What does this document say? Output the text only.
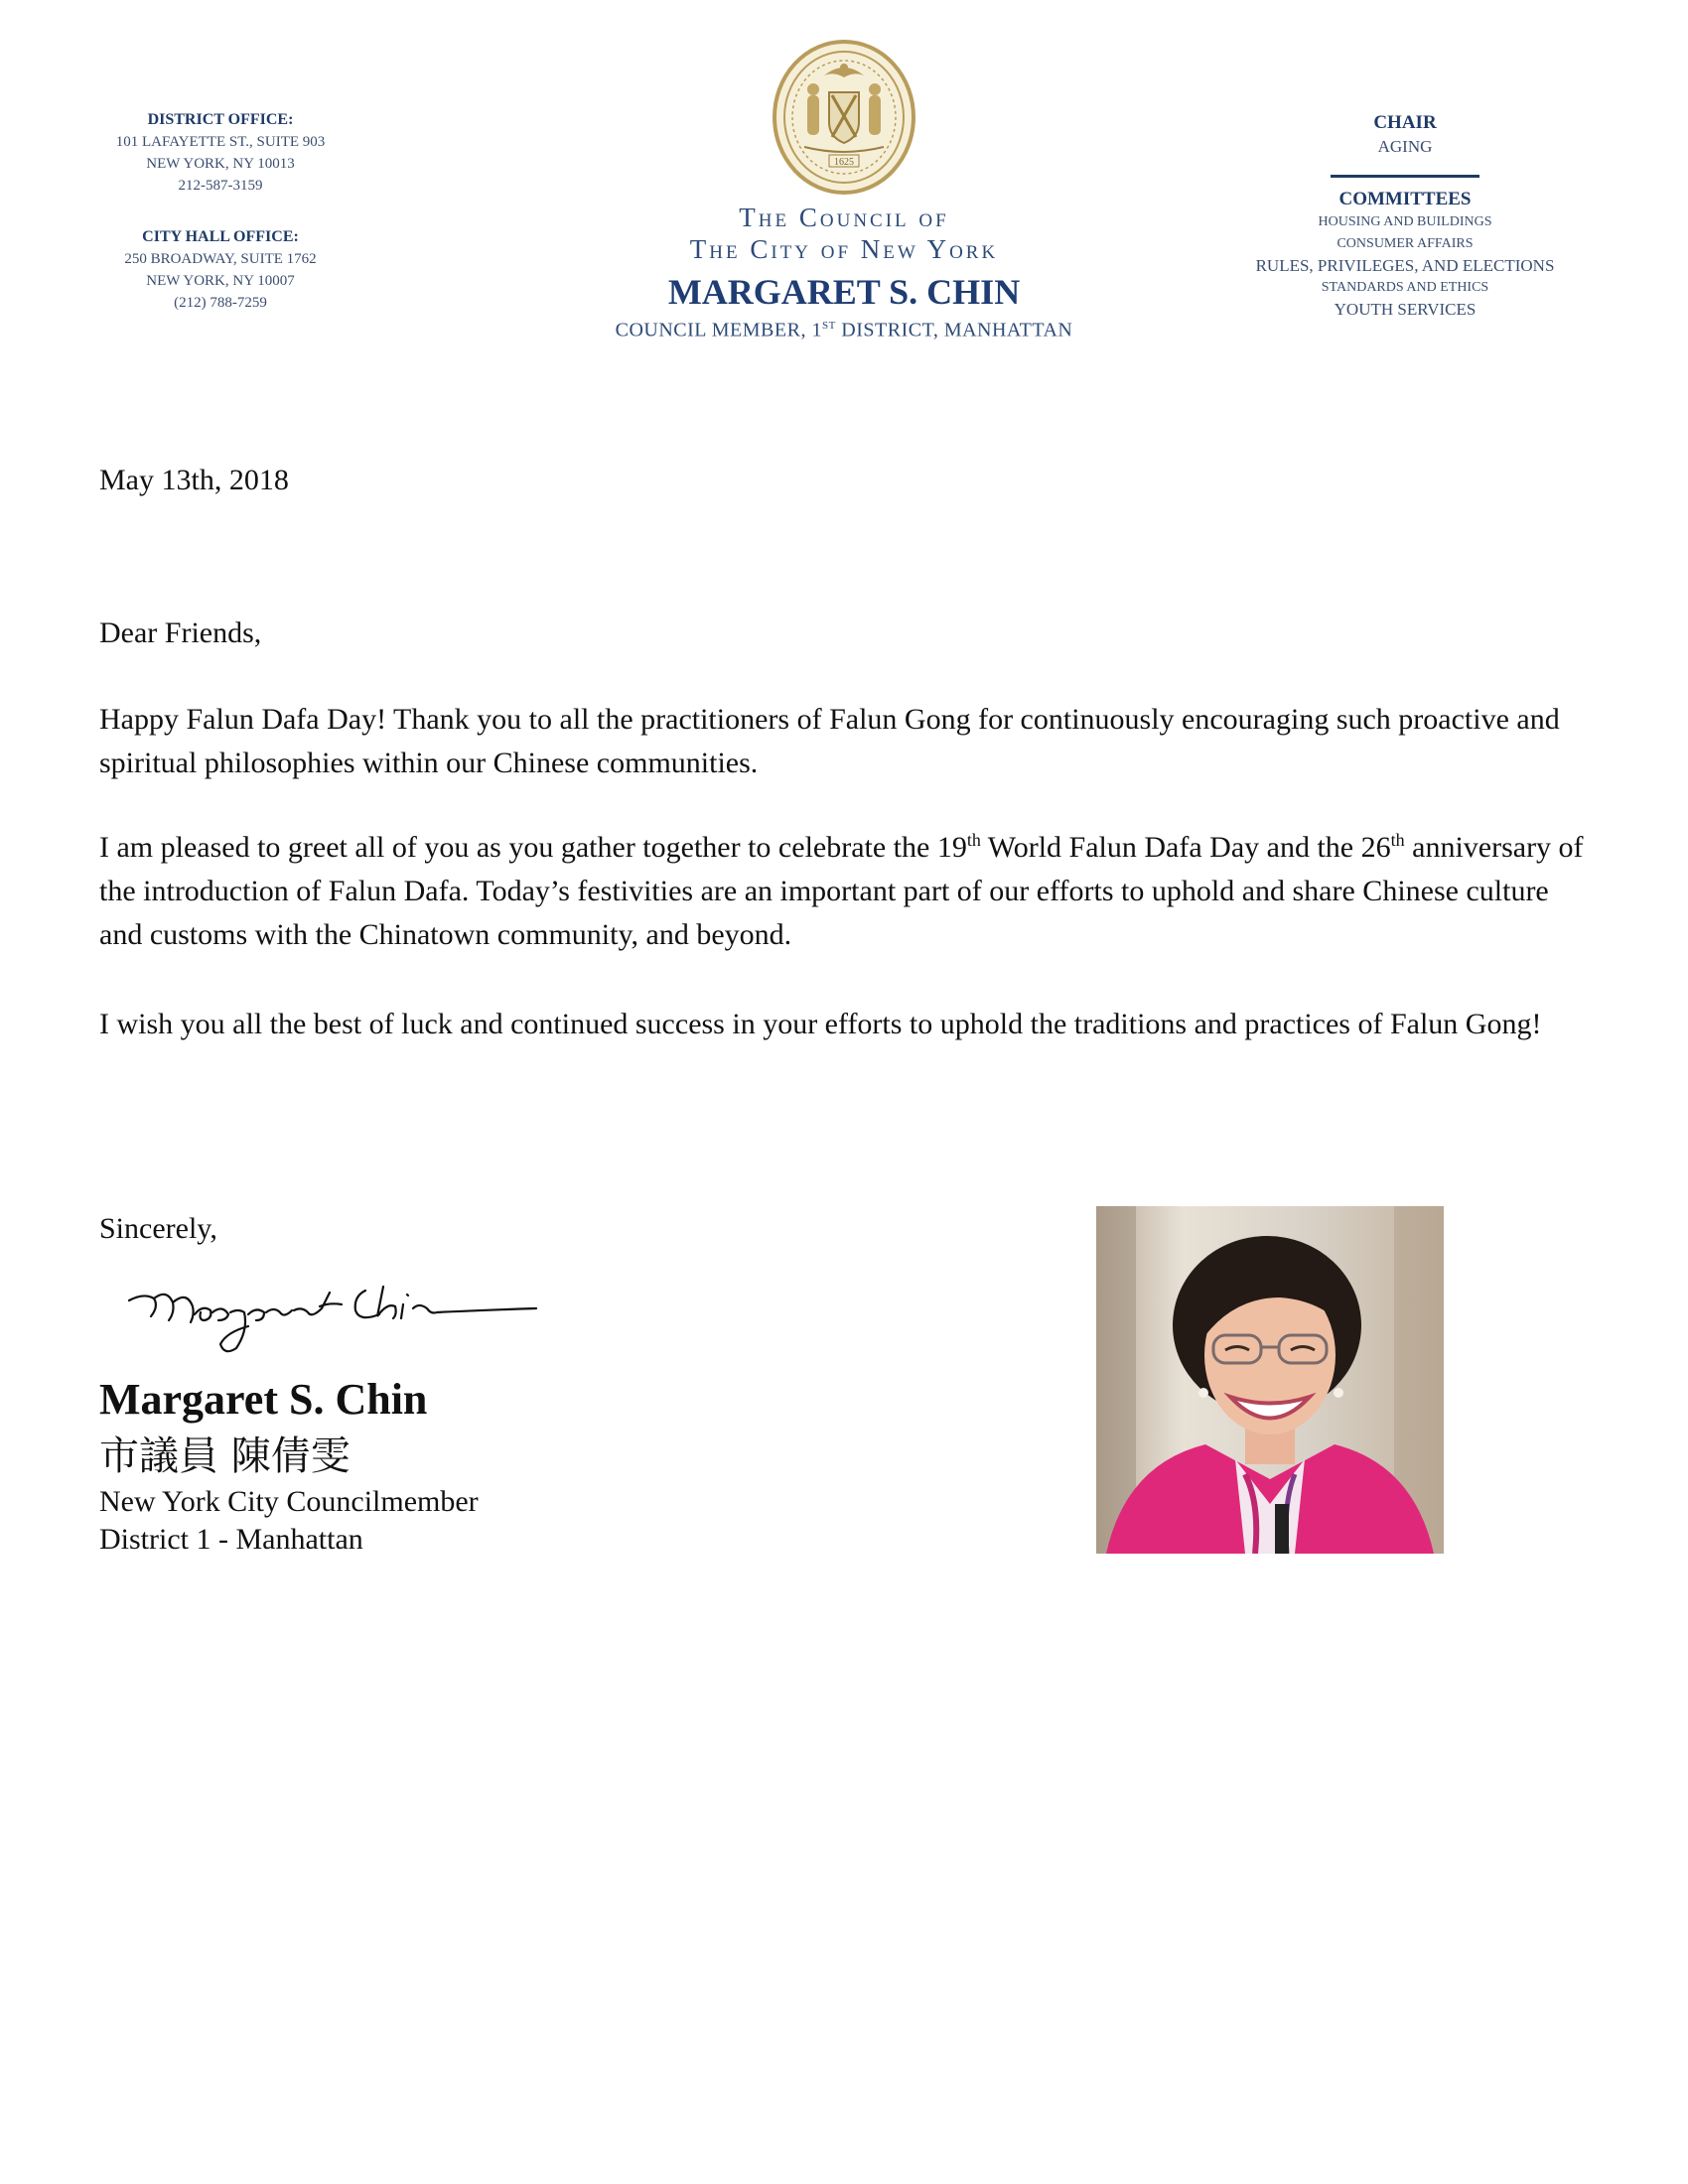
DISTRICT OFFICE:
101 LAFAYETTE ST., SUITE 903
NEW YORK, NY 10013
212-587-3159
CITY HALL OFFICE:
250 BROADWAY, SUITE 1762
NEW YORK, NY 10007
(212) 788-7259
1625
The Council of
The City of New York
MARGARET S. CHIN
COUNCIL MEMBER, 1ST DISTRICT, MANHATTAN
CHAIR
AGING
COMMITTEES
HOUSING AND BUILDINGS
CONSUMER AFFAIRS
RULES, PRIVILEGES, AND ELECTIONS
STANDARDS AND ETHICS
YOUTH SERVICES
May 13th, 2018
Dear Friends,
Happy Falun Dafa Day! Thank you to all the practitioners of Falun Gong for continuously encouraging such proactive and spiritual philosophies within our Chinese communities.
I am pleased to greet all of you as you gather together to celebrate the 19th World Falun Dafa Day and the 26th anniversary of the introduction of Falun Dafa. Today’s festivities are an important part of our efforts to uphold and share Chinese culture and customs with the Chinatown community, and beyond.
I wish you all the best of luck and continued success in your efforts to uphold the traditions and practices of Falun Gong!
Sincerely,
Margaret S. Chin
市議員 陳倩雯
New York City Councilmember
District 1 - Manhattan
